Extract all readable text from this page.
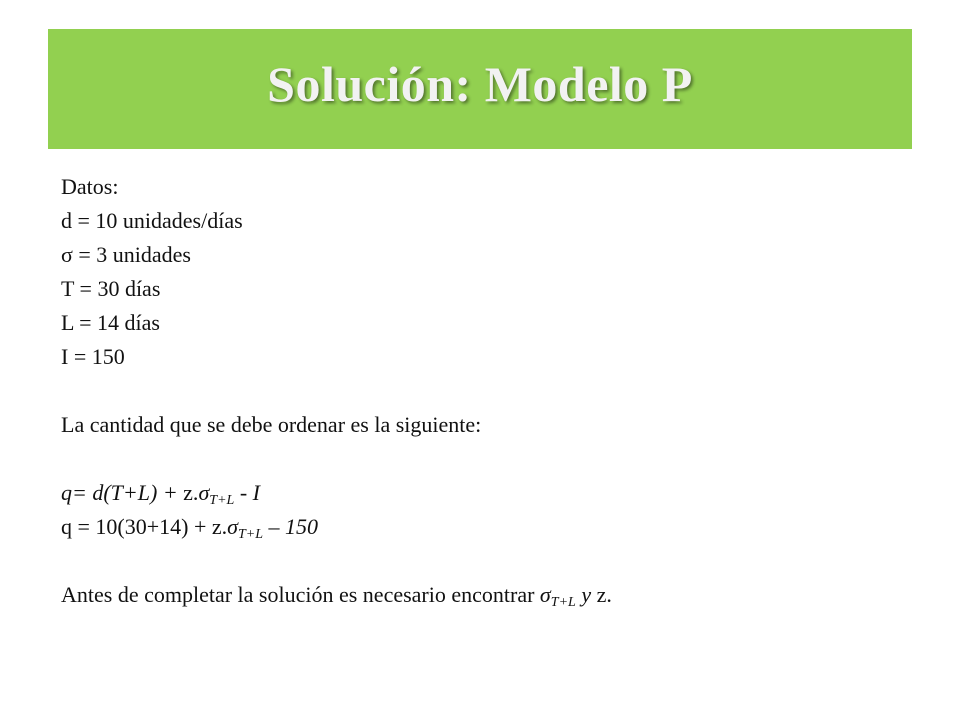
Solución: Modelo P
Datos:
d = 10 unidades/días
σ = 3 unidades
T = 30 días
L = 14 días
I = 150
La cantidad que se debe ordenar es la siguiente:
$q= d(T+L) + z.\sigma_{T+L} - I$
$q = 10(30+14) + z.\sigma_{T+L} - 150$
Antes de completar la solución es necesario encontrar $\sigma_{T+L}$ y z.
